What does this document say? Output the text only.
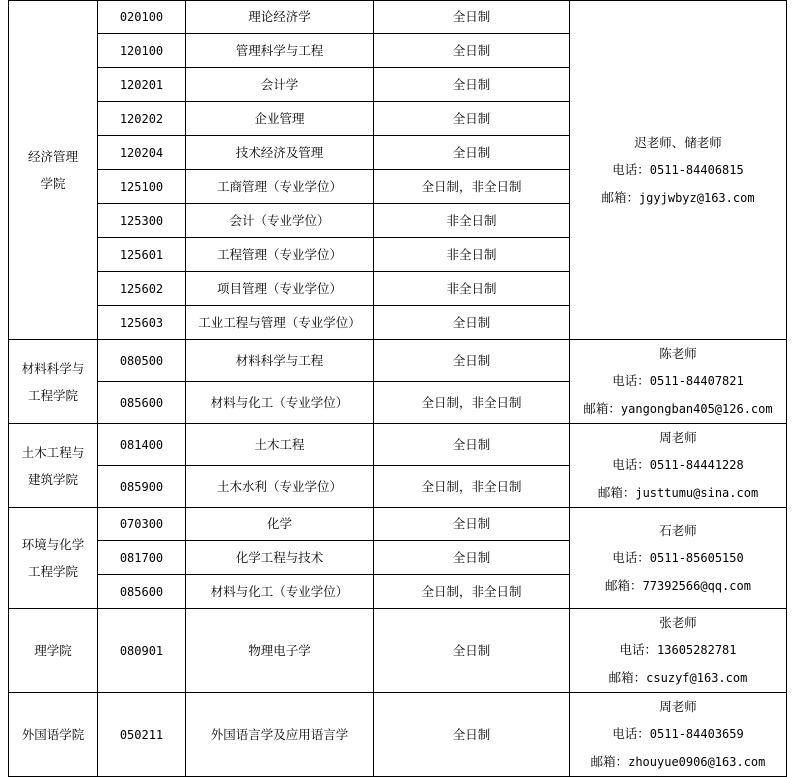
经济管理
学院	020100	理论经济学	全日制	迟老师、储老师
电话：0511-84406815
邮箱：jgyjwbyz@163.com

	120100	管理科学与工程	全日制	
	120201	会计学	全日制	
	120202	企业管理	全日制	
	120204	技术经济及管理	全日制	
	125100	工商管理（专业学位）	全日制，非全日制	
	125300	会计（专业学位）	非全日制	
	125601	工程管理（专业学位）	非全日制	
	125602	项目管理（专业学位）	非全日制	
	125603	工业工程与管理（专业学位）	全日制	

材料科学与
工程学院	080500	材料科学与工程	全日制	陈老师
电话：0511-84407821
邮箱：yangongban405@126.com

	085600	材料与化工（专业学位）	全日制，非全日制	

土木工程与
建筑学院	081400	土木工程	全日制	周老师
电话：0511-84441228
邮箱：justtumu@sina.com

	085900	土木水利（专业学位）	全日制，非全日制	

环境与化学
工程学院	070300	化学	全日制	石老师
电话：0511-85605150
邮箱：77392566@qq.com

	081700	化学工程与技术	全日制	
	085600	材料与化工（专业学位）	全日制，非全日制	

理学院	080901	物理电子学	全日制	张老师
电话：13605282781
邮箱：csuzyf@163.com

外国语学院	050211	外国语言学及应用语言学	全日制	周老师
电话：0511-84403659
邮箱：zhouyue0906@163.com
